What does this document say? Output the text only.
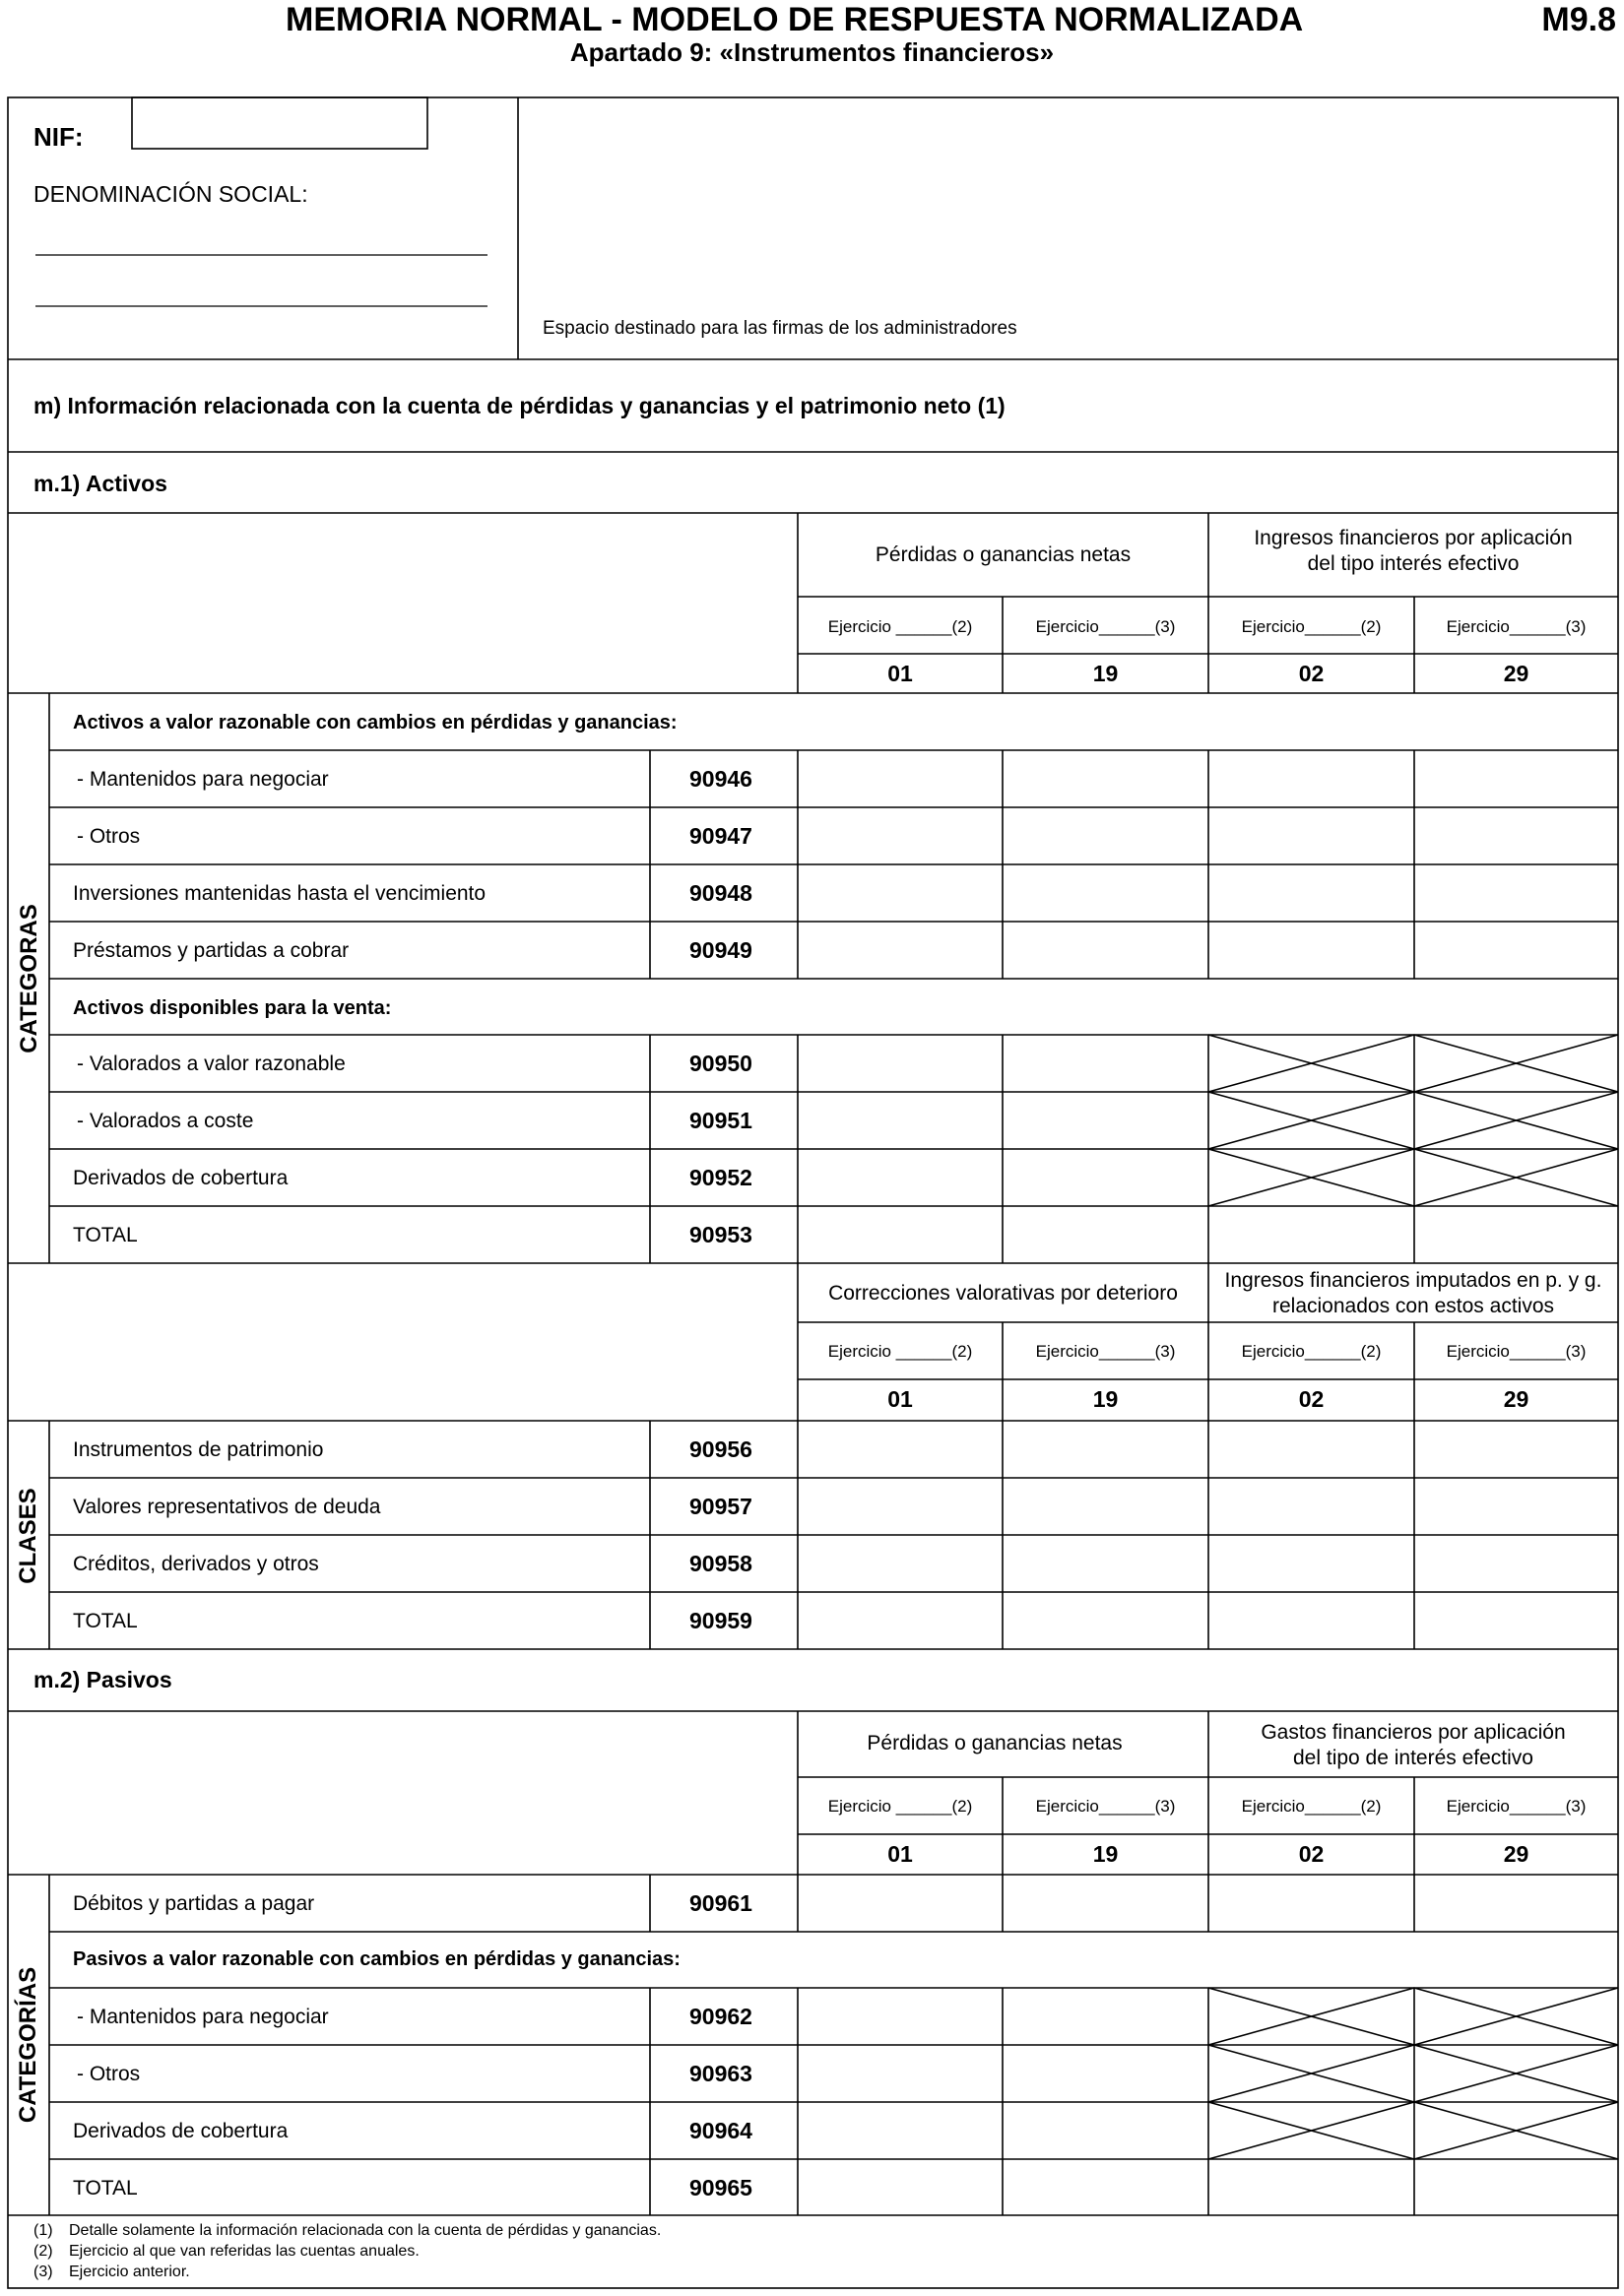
MEMORIA NORMAL - MODELO DE RESPUESTA NORMALIZADA	M9.8
Apartado 9: «Instrumentos financieros»
NIF:
DENOMINACIÓN SOCIAL:
Espacio destinado para las firmas de los administradores
m) Información relacionada con la cuenta de pérdidas y ganancias y el patrimonio neto (1)
m.1) Activos
Pérdidas o ganancias netas
Ingresos financieros por aplicación
del tipo interés efectivo
Ejercicio ______(2)	Ejercicio______(3)	Ejercicio______(2)	Ejercicio______(3)
01	19	02	29
CATEGORAS
Activos a valor razonable con cambios en pérdidas y ganancias:
- Mantenidos para negociar	90946
- Otros	90947
Inversiones mantenidas hasta el vencimiento	90948
Préstamos y partidas a cobrar	90949
Activos disponibles para la venta:
- Valorados a valor razonable	90950
- Valorados a coste	90951
Derivados de cobertura	90952
TOTAL	90953
Correcciones valorativas por deterioro
Ingresos financieros imputados en p. y g.
relacionados con estos activos
Ejercicio ______(2)	Ejercicio______(3)	Ejercicio______(2)	Ejercicio______(3)
01	19	02	29
CLASES
Instrumentos de patrimonio	90956
Valores representativos de deuda	90957
Créditos, derivados y otros	90958
TOTAL	90959
m.2) Pasivos
Pérdidas o ganancias netas	Gastos financieros por aplicación
del tipo de interés efectivo
Ejercicio ______(2)	Ejercicio______(3)	Ejercicio______(2)	Ejercicio______(3)
01	19	02	29
CATEGORÍAS
Débitos y partidas a pagar	90961
Pasivos a valor razonable con cambios en pérdidas y ganancias:
- Mantenidos para negociar	90962
- Otros	90963
Derivados de cobertura	90964
TOTAL	90965
(1) Detalle solamente la información relacionada con la cuenta de pérdidas y ganancias.
(2) Ejercicio al que van referidas las cuentas anuales.
(3) Ejercicio anterior.
